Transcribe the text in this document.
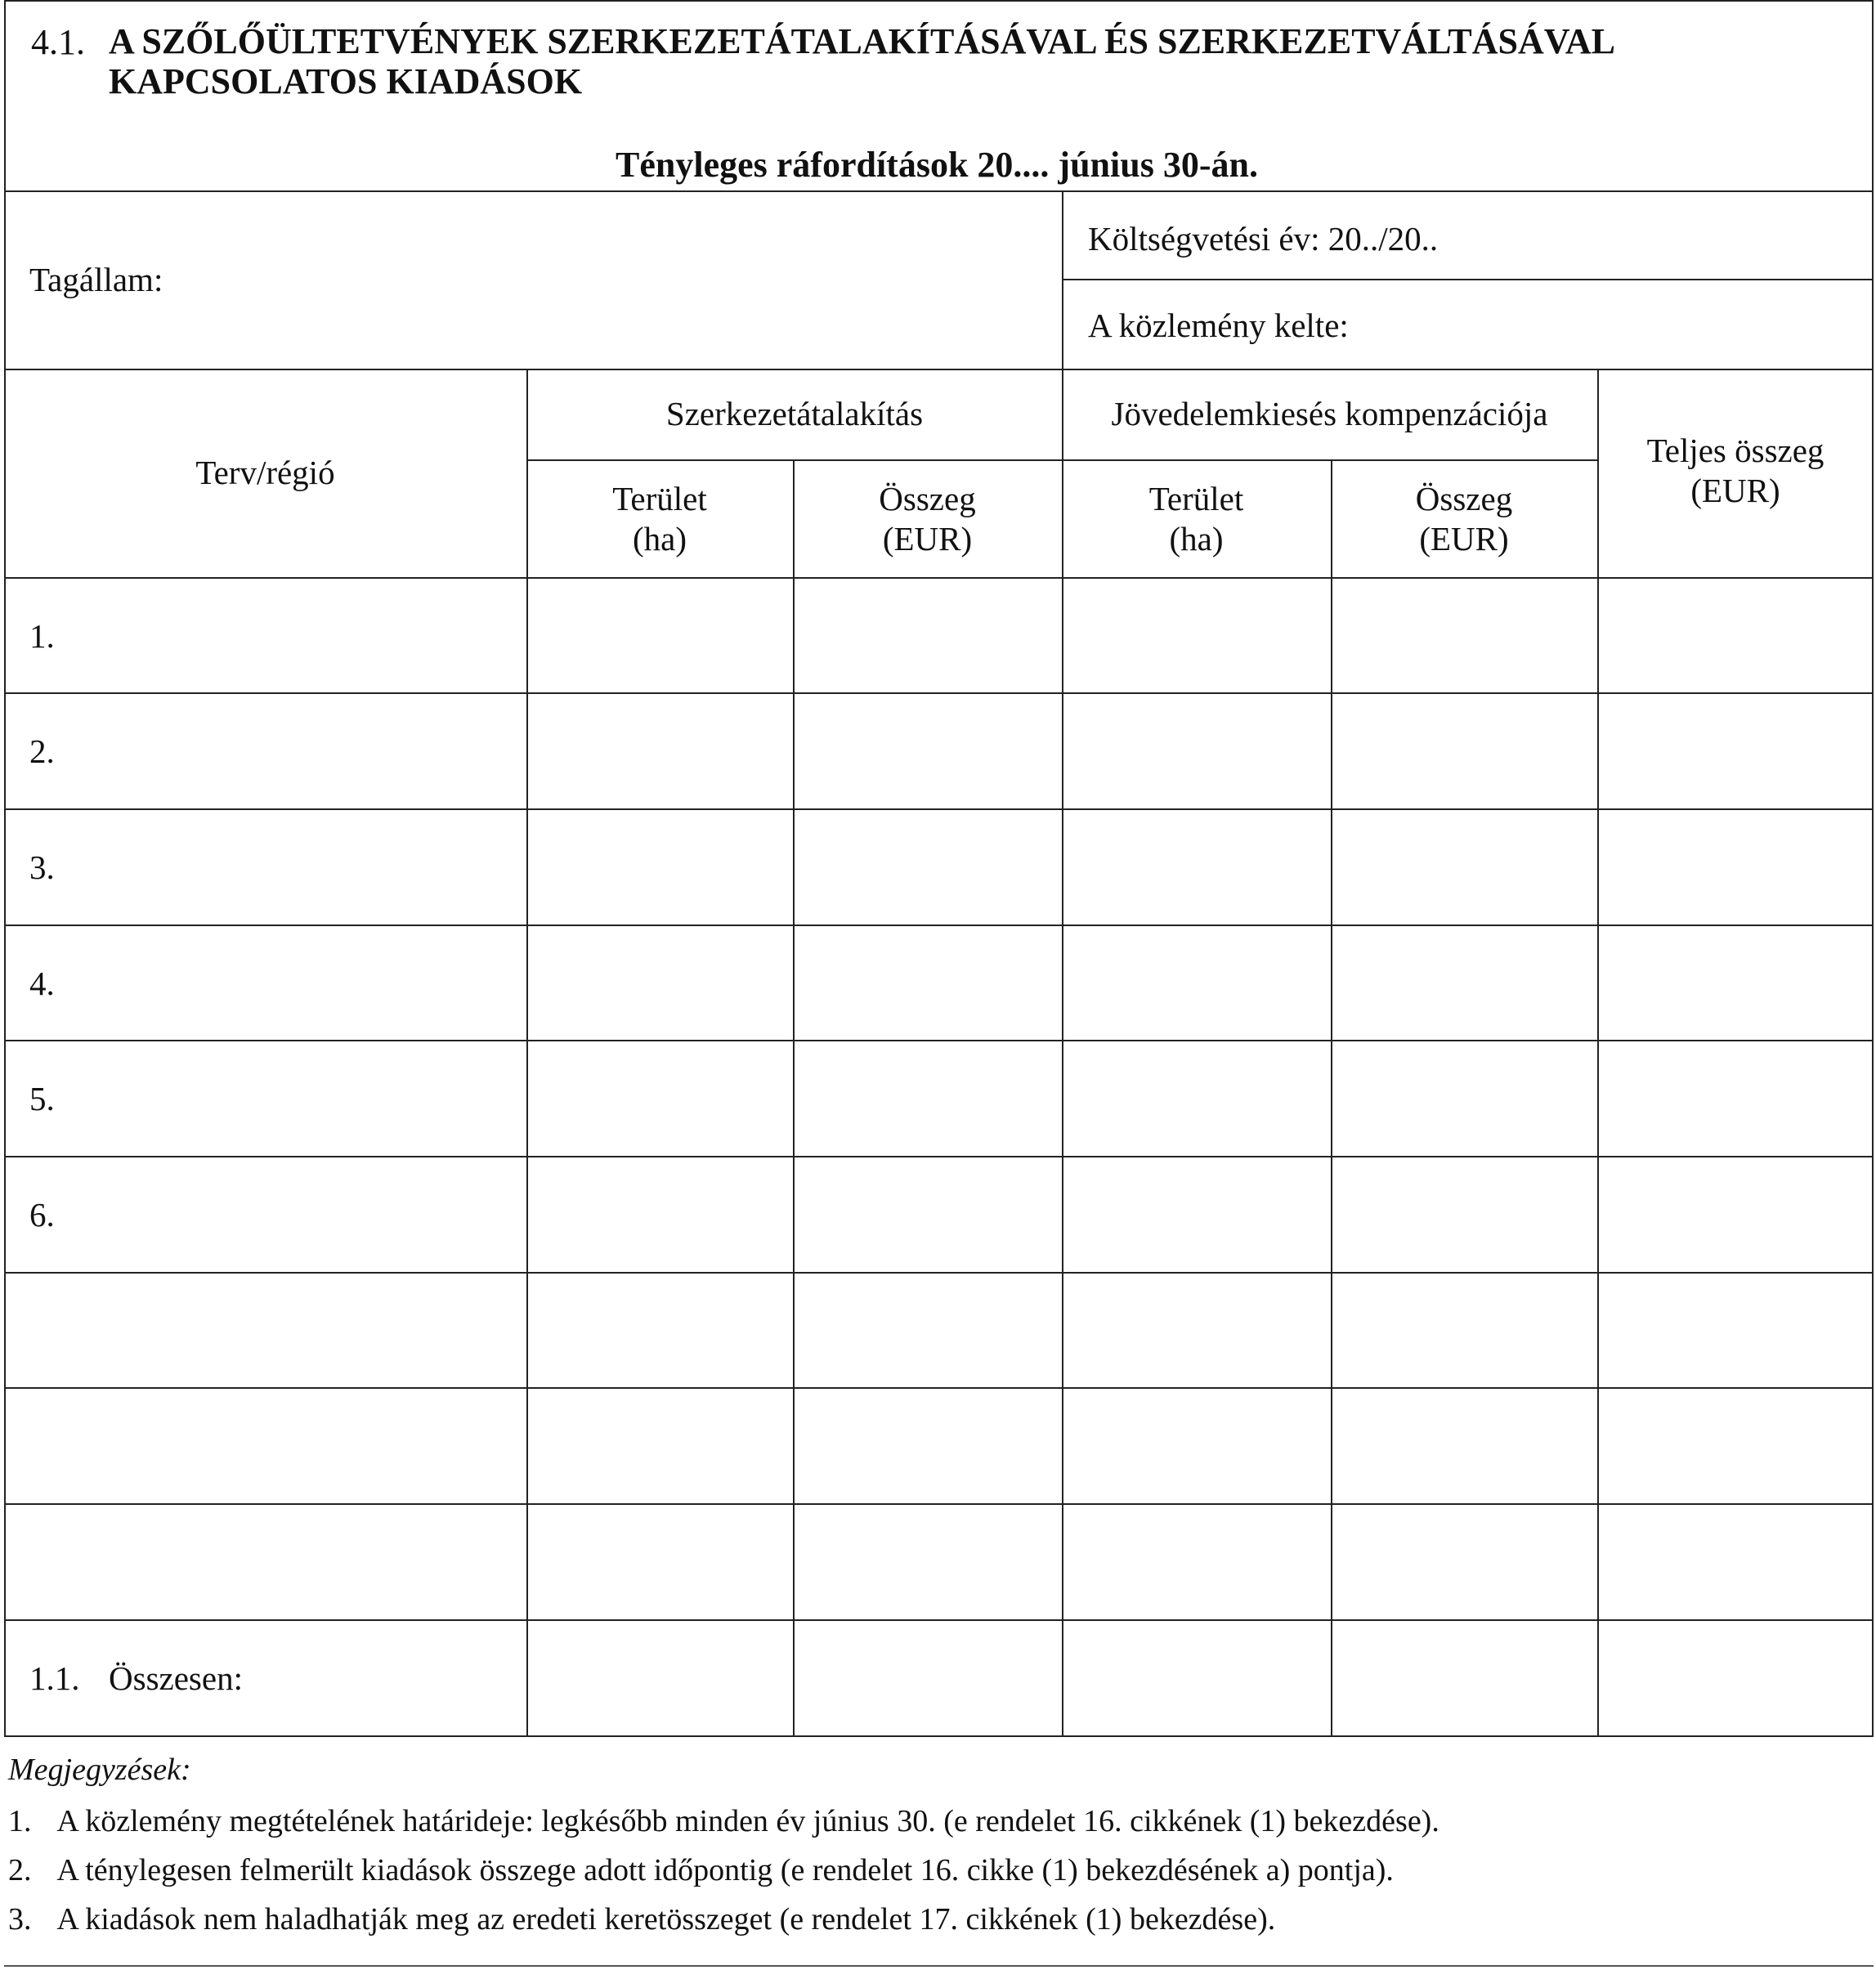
4.1. A SZŐLŐÜLTETVÉNYEK SZERKEZETÁTALAKÍTÁSÁVAL ÉS SZERKEZETVÁLTÁSÁVAL
KAPCSOLATOS KIADÁSOK
Tényleges ráfordítások 20.... június 30-án.
Tagállam:
Költségvetési év: 20../20..
A közlemény kelte:
Terv/régió
Szerkezetátalakítás	Jövedelemkiesés kompenzációja
Teljes összeg
(EUR)
Terület
(ha)
Összeg
(EUR)
Terület
(ha)
Összeg
(EUR)
1.
2.
3.
4.
5.
6.
1.1. Összesen:
Megjegyzések:
1. A közlemény megtételének határideje: legkésőbb minden év június 30. (e rendelet 16. cikkének (1) bekezdése).
2. A ténylegesen felmerült kiadások összege adott időpontig (e rendelet 16. cikke (1) bekezdésének a) pontja).
3. A kiadások nem haladhatják meg az eredeti keretösszeget (e rendelet 17. cikkének (1) bekezdése).
